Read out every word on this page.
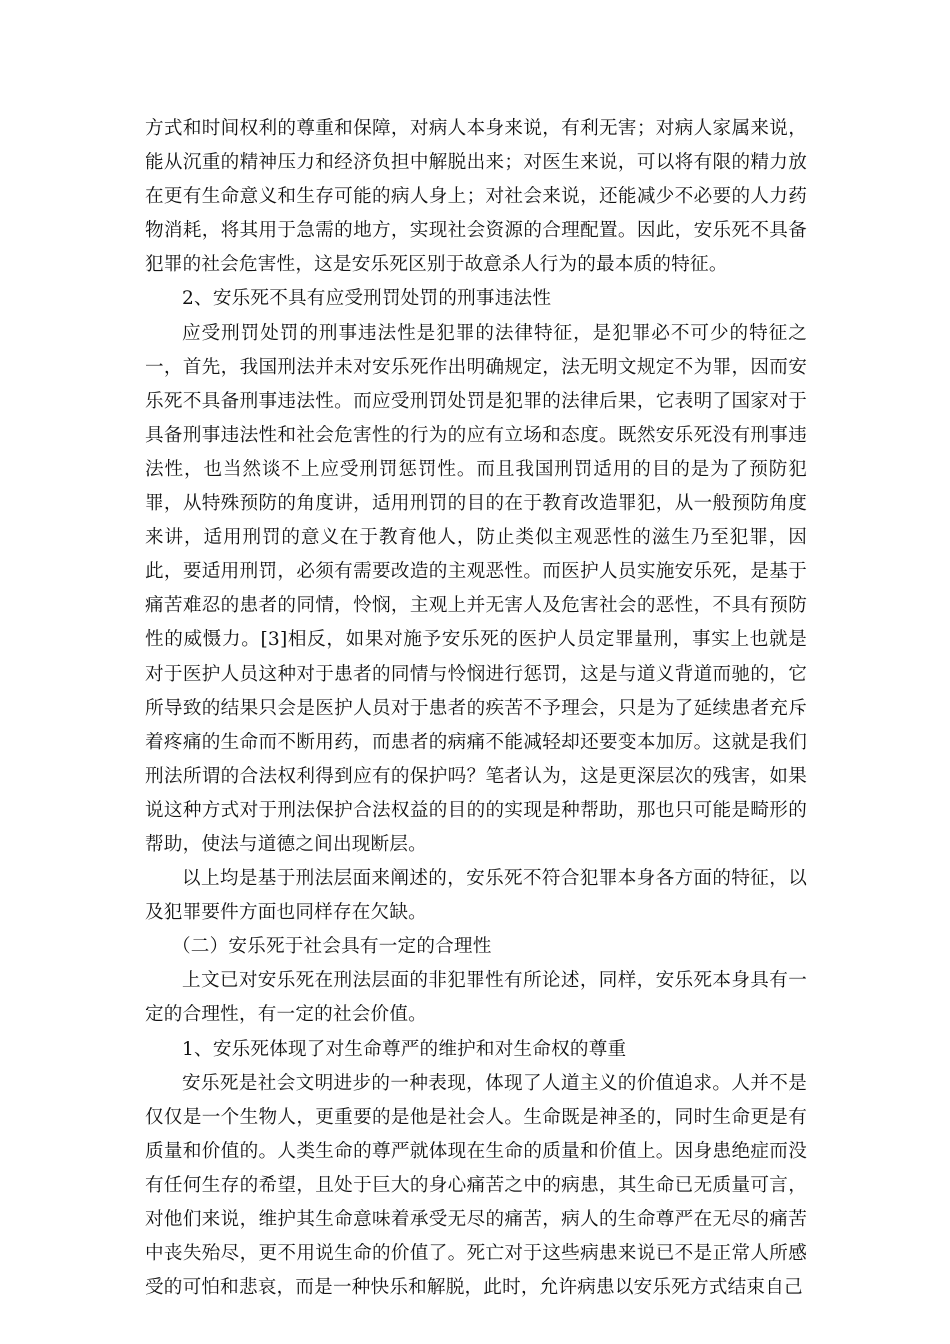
方式和时间权利的尊重和保障，对病人本身来说，有利无害；对病人家属来说，能从沉重的精神压力和经济负担中解脱出来；对医生来说，可以将有限的精力放在更有生命意义和生存可能的病人身上；对社会来说，还能减少不必要的人力药物消耗，将其用于急需的地方，实现社会资源的合理配置。因此，安乐死不具备犯罪的社会危害性，这是安乐死区别于故意杀人行为的最本质的特征。

2、安乐死不具有应受刑罚处罚的刑事违法性

应受刑罚处罚的刑事违法性是犯罪的法律特征，是犯罪必不可少的特征之一，首先，我国刑法并未对安乐死作出明确规定，法无明文规定不为罪，因而安乐死不具备刑事违法性。而应受刑罚处罚是犯罪的法律后果，它表明了国家对于具备刑事违法性和社会危害性的行为的应有立场和态度。既然安乐死没有刑事违法性，也当然谈不上应受刑罚惩罚性。而且我国刑罚适用的目的是为了预防犯罪，从特殊预防的角度讲，适用刑罚的目的在于教育改造罪犯，从一般预防角度来讲，适用刑罚的意义在于教育他人，防止类似主观恶性的滋生乃至犯罪，因此，要适用刑罚，必须有需要改造的主观恶性。而医护人员实施安乐死，是基于痛苦难忍的患者的同情，怜悯，主观上并无害人及危害社会的恶性，不具有预防性的威慑力。[3]相反，如果对施予安乐死的医护人员定罪量刑，事实上也就是对于医护人员这种对于患者的同情与怜悯进行惩罚，这是与道义背道而驰的，它所导致的结果只会是医护人员对于患者的疾苦不予理会，只是为了延续患者充斥着疼痛的生命而不断用药，而患者的病痛不能减轻却还要变本加厉。这就是我们刑法所谓的合法权利得到应有的保护吗？笔者认为，这是更深层次的残害，如果说这种方式对于刑法保护合法权益的目的的实现是种帮助，那也只可能是畸形的帮助，使法与道德之间出现断层。

以上均是基于刑法层面来阐述的，安乐死不符合犯罪本身各方面的特征，以及犯罪要件方面也同样存在欠缺。

（二）安乐死于社会具有一定的合理性

上文已对安乐死在刑法层面的非犯罪性有所论述，同样，安乐死本身具有一定的合理性，有一定的社会价值。

1、安乐死体现了对生命尊严的维护和对生命权的尊重

安乐死是社会文明进步的一种表现，体现了人道主义的价值追求。人并不是仅仅是一个生物人，更重要的是他是社会人。生命既是神圣的，同时生命更是有质量和价值的。人类生命的尊严就体现在生命的质量和价值上。因身患绝症而没有任何生存的希望，且处于巨大的身心痛苦之中的病患，其生命已无质量可言，对他们来说，维护其生命意味着承受无尽的痛苦，病人的生命尊严在无尽的痛苦中丧失殆尽，更不用说生命的价值了。死亡对于这些病患来说已不是正常人所感受的可怕和悲哀，而是一种快乐和解脱，此时，允许病患以安乐死方式结束自己
